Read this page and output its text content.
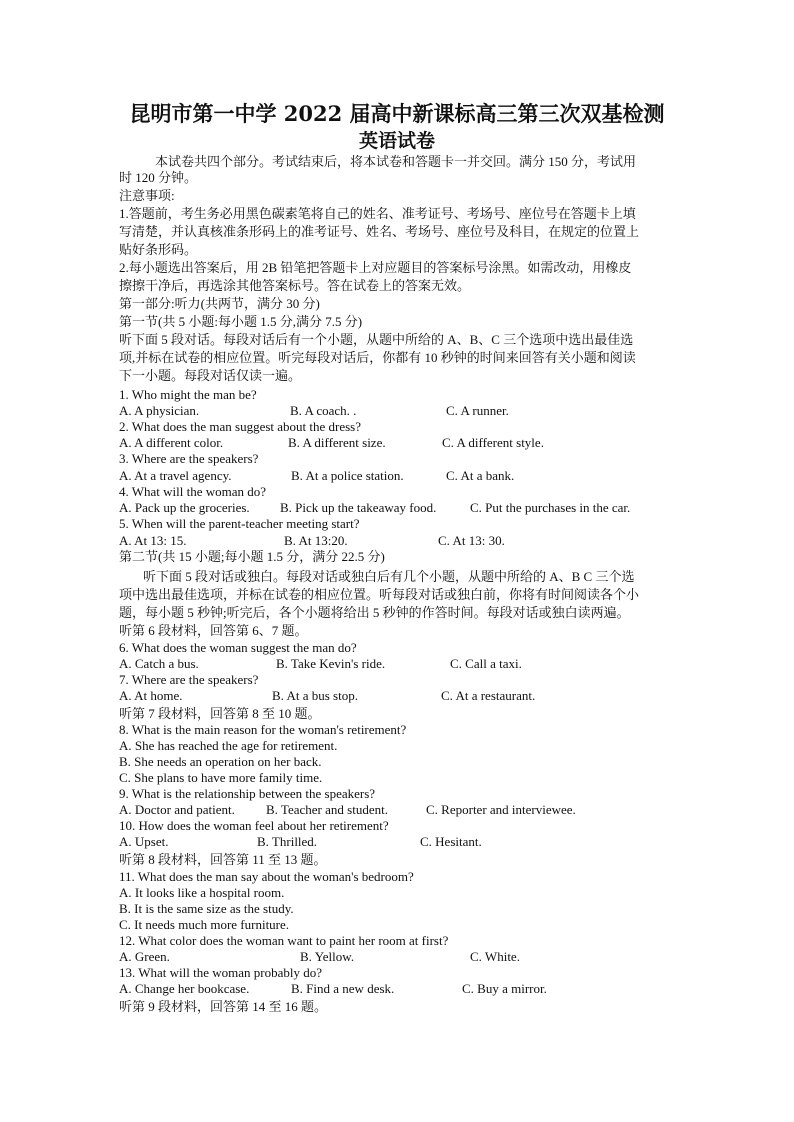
昆明市第一中学 2022 届高中新课标高三第三次双基检测
英语试卷
本试卷共四个部分。考试结束后，将本试卷和答题卡一并交回。满分 150 分，考试用
时 120 分钟。
注意事项:
1.答题前，考生务必用黑色碳素笔将自己的姓名、准考证号、考场号、座位号在答题卡上填
写清楚，并认真核准条形码上的准考证号、姓名、考场号、座位号及科目，在规定的位置上
贴好条形码。
2.每小题选出答案后，用 2B 铅笔把答题卡上对应题目的答案标号涂黑。如需改动，用橡皮
擦擦干净后，再选涂其他答案标号。答在试卷上的答案无效。
第一部分:听力(共两节，满分 30 分)
第一节(共 5 小题:每小题 1.5 分,满分 7.5 分)
听下面 5 段对话。每段对话后有一个小题，从题中所给的 A、B、C 三个选项中选出最佳选
项,并标在试卷的相应位置。听完每段对话后，你都有 10 秒钟的时间来回答有关小题和阅读
下一小题。每段对话仅读一遍。
1. Who might the man be?
A. A physician.	B. A coach. .	C. A runner.
2. What does the man suggest about the dress?
A. A different color.	B. A different size.	C. A different style.
3. Where are the speakers?
A. At a travel agency.	B. At a police station.	C. At a bank.
4. What will the woman do?
A. Pack up the groceries. B. Pick up the takeaway food.	C. Put the purchases in the car.
5. When will the parent-teacher meeting start?
A. At 13: 15.	B. At 13:20.	C. At 13: 30.
第二节(共 15 小题;每小题 1.5 分，满分 22.5 分)
听下面 5 段对话或独白。每段对话或独白后有几个小题，从题中所给的 A、B C 三个选
项中选出最佳选项，并标在试卷的相应位置。听每段对话或独白前，你将有时间阅读各个小
题，每小题 5 秒钟;听完后，各个小题将给出 5 秒钟的作答时间。每段对话或独白读两遍。
听第 6 段材料，回答第 6、7 题。
6. What does the woman suggest the man do?
A. Catch a bus.	B. Take Kevin's ride.	C. Call a taxi.
7. Where are the speakers?
A. At home.	B. At a bus stop.	C. At a restaurant.
听第 7 段材料，回答第 8 至 10 题。
8. What is the main reason for the woman's retirement?
A. She has reached the age for retirement.
B. She needs an operation on her back.
C. She plans to have more family time.
9. What is the relationship between the speakers?
A. Doctor and patient. B. Teacher and student.	C. Reporter and interviewee.
10. How does the woman feel about her retirement?
A. Upset.	B. Thrilled.	C. Hesitant.
听第 8 段材料，回答第 11 至 13 题。
11. What does the man say about the woman's bedroom?
A. It looks like a hospital room.
B. It is the same size as the study.
C. It needs much more furniture.
12. What color does the woman want to paint her room at first?
A. Green.	B. Yellow.	C. White.
13. What will the woman probably do?
A. Change her bookcase.	B. Find a new desk.	C. Buy a mirror.
听第 9 段材料，回答第 14 至 16 题。
